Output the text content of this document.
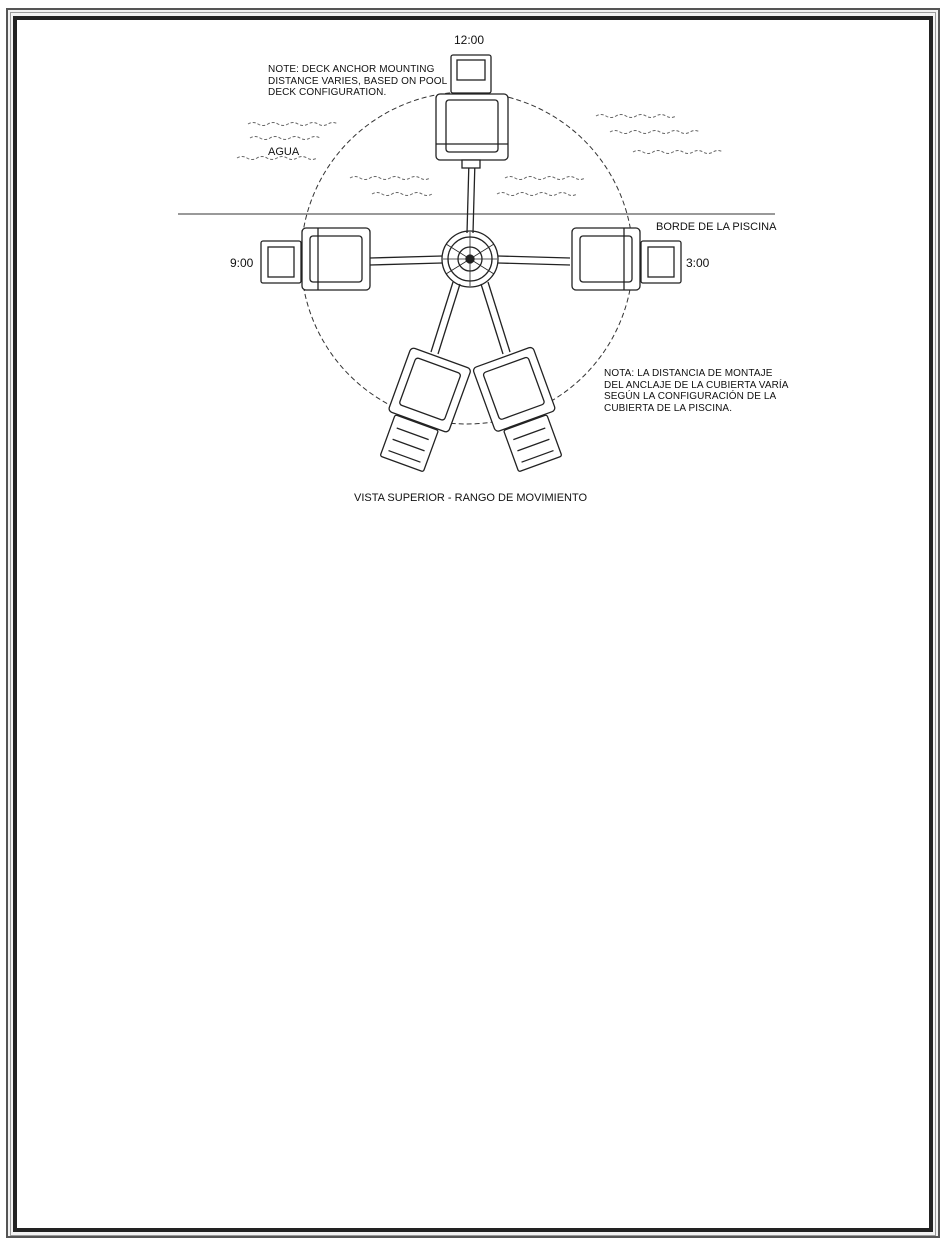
NOTE: DECK ANCHOR MOUNTING
DISTANCE VARIES, BASED ON POOL
DECK CONFIGURATION.
AGUA
12:00
BORDE DE LA PISCINA
9:00	3:00
NOTA: LA DISTANCIA DE MONTAJE
DEL ANCLAJE DE LA CUBIERTA VARÍA
SEGÚN LA CONFIGURACIÓN DE LA
CUBIERTA DE LA PISCINA.
VISTA SUPERIOR - RANGO DE MOVIMIENTO
